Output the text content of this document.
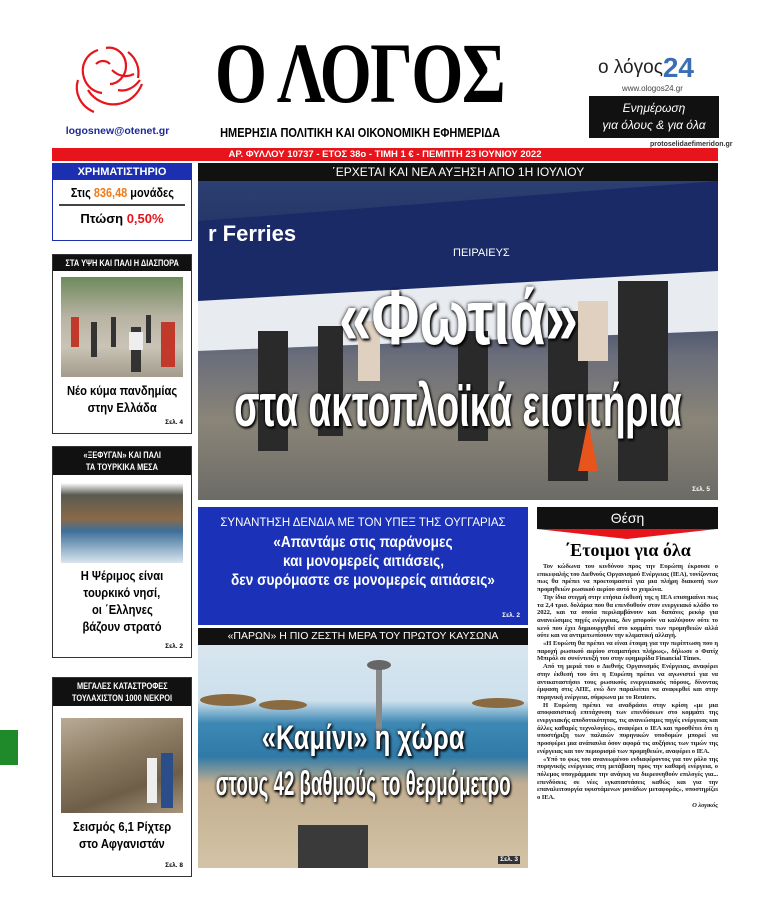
logosnew@otenet.gr
Ο ΛΟΓΟΣ
ΗΜΕΡΗΣΙΑ ΠΟΛΙΤΙΚΗ ΚΑΙ ΟΙΚΟΝΟΜΙΚΗ ΕΦΗΜΕΡΙΔΑ
ο λόγος24
www.ologos24.gr
Ενημέρωση
για όλους & για όλα
protoselidaefimeridon.gr
ΑΡ. ΦΥΛΛΟΥ 10737 - ΕΤΟΣ 38ο - ΤΙΜΗ 1 € - ΠΕΜΠΤΗ 23 ΙΟΥΝΙΟΥ 2022
ΧΡΗΜΑΤΙΣΤΗΡΙΟ
Στις 836,48 μονάδες
Πτώση 0,50%
ΣΤΑ ΥΨΗ ΚΑΙ ΠΑΛΙ Η ΔΙΑΣΠΟΡΑ
Νέο κύμα πανδημίας
στην Ελλάδα
Σελ. 4
«ΞΕΦΥΓΑΝ» ΚΑΙ ΠΑΛΙ
ΤΑ ΤΟΥΡΚΙΚΑ ΜΕΣΑ
Η Ψέριμος είναι
τουρκικό νησί,
οι ΄Ελληνες
βάζουν στρατό
Σελ. 2
ΜΕΓΑΛΕΣ ΚΑΤΑΣΤΡΟΦΕΣ
ΤΟΥΛΑΧΙΣΤΟΝ 1000 ΝΕΚΡΟΙ
Σεισμός 6,1 Ρίχτερ
στο Αφγανιστάν
Σελ. 8
΄ΕΡΧΕΤΑΙ ΚΑΙ ΝΕΑ ΑΥΞΗΣΗ ΑΠΟ 1Η ΙΟΥΛΙΟΥ
r Ferries
ΠΕΙΡΑΙΕΥΣ
«Φωτιά»
στα ακτοπλοϊκά εισιτήρια
Σελ. 5
ΣΥΝΑΝΤΗΣΗ ΔΕΝΔΙΑ ΜΕ ΤΟΝ ΥΠΕΞ ΤΗΣ ΟΥΓΓΑΡΙΑΣ
«Απαντάμε στις παράνομες
και μονομερείς αιτιάσεις,
δεν συρόμαστε σε μονομερείς αιτιάσεις»
Σελ. 2
«ΠΑΡΩΝ» Η ΠΙΟ ΖΕΣΤΗ ΜΕΡΑ ΤΟΥ ΠΡΩΤΟΥ ΚΑΥΣΩΝΑ
«Καμίνι» η χώρα
στους 42 βαθμούς το θερμόμετρο
Σελ. 3
Θέση
΄Ετοιμοι για όλα

Τον κώδωνα του κινδύνου προς την Ευρώπη έκρουσε ο επικεφαλής του Διεθνούς Οργανισμού Ενέργειας (IEA), τονίζοντας πως θα πρέπει να προετοιμαστεί για μια πλήρη διακοπή των προμηθειών ρωσικού αερίου αυτό το χειμώνα.

Την ίδια στιγμή στην ετήσια έκθεσή της η IEA επισημαίνει πως τα 2,4 τρισ. δολάρια που θα επενδυθούν στον ενεργειακό κλάδο το 2022, και τα οποία περιλαμβάνουν και δαπάνες ρεκόρ για ανανεώσιμες πηγές ενέργειας, δεν μπορούν να καλύψουν ούτε το κενό που έχει δημιουργηθεί στο κομμάτι των προμηθειών αλλά ούτε και να αντιμετωπίσουν την κλιματική αλλαγή.

«Η Ευρώπη θα πρέπει να είναι έτοιμη για την περίπτωση που η παροχή ρωσικού αερίου σταματήσει πλήρως», δήλωσε ο Φατίχ Μπιρόλ σε συνέντευξή του στην εφημερίδα Financial Times.

Από τη μεριά του ο Διεθνής Οργανισμός Ενέργειας, αναφέρει στην έκθεσή του ότι η Ευρώπη πρέπει να αγωνιστεί για να αντικαταστήσει τους ρωσικούς ενεργειακούς πόρους, δίνοντας έμφαση στις ΑΠΕ, ενώ δεν παραλείπει να αναφερθεί και στην πυρηνική ενέργεια, σύμφωνα με το Reuters.

Η Ευρώπη πρέπει να αναδράσει στην κρίση «με μια αποφασιστική επιτάχυνση των επενδύσεων στο κομμάτι της ενεργειακής αποδοτικότητας, τις ανανεώσιμες πηγές ενέργειας και άλλες καθαρές τεχνολογίες», αναφέρει ο IEA και προσθέτει ότι η υποστήριξη των παλαιών πυρηνικών υποδομών μπορεί να προσφέρει μια ανάπαυλα όσον αφορά τις αυξήσεις των τιμών της ενέργειας και τον περιορισμό των προμηθειών, αναφέρει ο IEA.

«Υπό το φως του ανανεωμένου ενδιαφέροντος για τον ρόλο της πυρηνικής ενέργειας στη μετάβαση προς την καθαρή ενέργεια, ο πόλεμος υπογράμμισε την ανάγκη να διερευνηθούν επιλογές για... επενδύσεις σε νέες εγκαταστάσεις καθώς και για την επαναλειτουργία υφιστάμενων μονάδων μεταφοράς», υποστηρίζει ο IEA.

Ο λογικός
